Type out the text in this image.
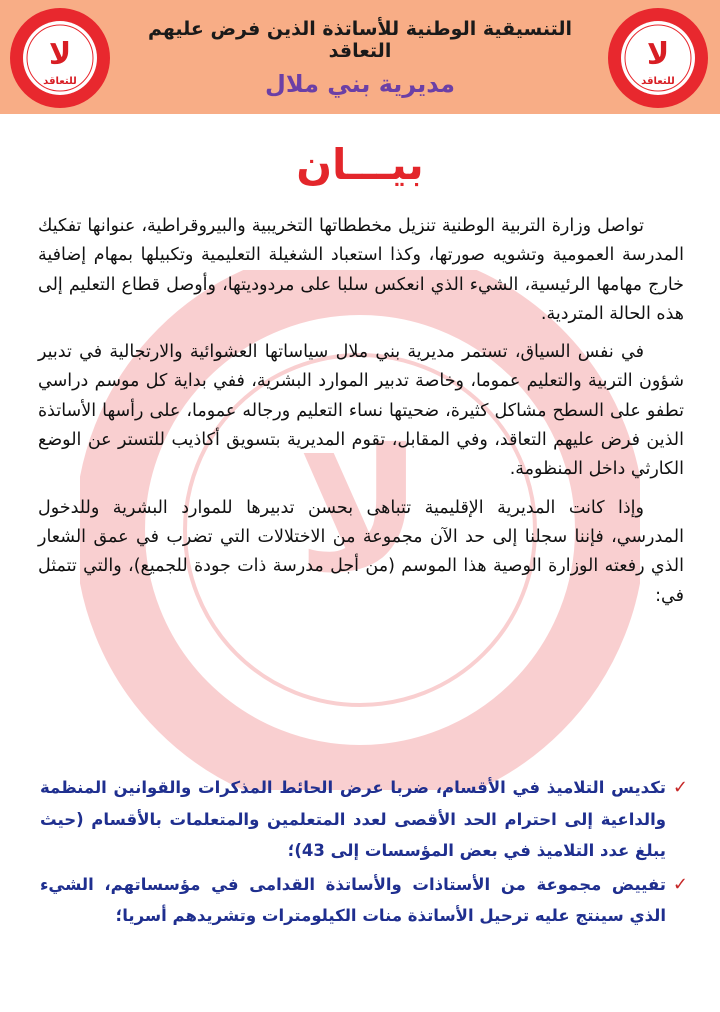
لا
للتعاقد
التنسيقية الوطنية للأساتذة الذين فرض عليهم التعاقد
مديرية بني ملال
لا
للتعاقد
لا
بيـــان

تواصل وزارة التربية الوطنية تنزيل مخططاتها التخريبية والبيروقراطية، عنوانها تفكيك المدرسة العمومية وتشويه صورتها، وكذا استعباد الشغيلة التعليمية وتكبيلها بمهام إضافية خارج مهامها الرئيسية، الشيء الذي انعكس سلبا على مردوديتها، وأوصل قطاع التعليم إلى هذه الحالة المتردية.

في نفس السياق، تستمر مديرية بني ملال سياساتها العشوائية والارتجالية في تدبير شؤون التربية والتعليم عموما، وخاصة تدبير الموارد البشرية، ففي بداية كل موسم دراسي تطفو على السطح مشاكل كثيرة، ضحيتها نساء التعليم ورجاله عموما، على رأسها الأساتذة الذين فرض عليهم التعاقد، وفي المقابل، تقوم المديرية بتسويق أكاذيب للتستر عن الوضع الكارثي داخل المنظومة.

وإذا كانت المديرية الإقليمية تتباهى بحسن تدبيرها للموارد البشرية وللدخول المدرسي، فإننا سجلنا إلى حد الآن مجموعة من الاختلالات التي تضرب في عمق الشعار الذي رفعته الوزارة الوصية هذا الموسم (من أجل مدرسة ذات جودة للجميع)، والتي تتمثل في:

✓
تكديس التلاميذ في الأقسام، ضربا عرض الحائط المذكرات والقوانين المنظمة والداعية إلى احترام الحد الأقصى لعدد المتعلمين والمتعلمات بالأقسام (حيث يبلغ عدد التلاميذ في بعض المؤسسات إلى 43)؛
✓
تفييض مجموعة من الأستاذات والأساتذة القدامى في مؤسساتهم، الشيء الذي سينتج عليه ترحيل الأساتذة منات الكيلومترات وتشريدهم أسريا؛
